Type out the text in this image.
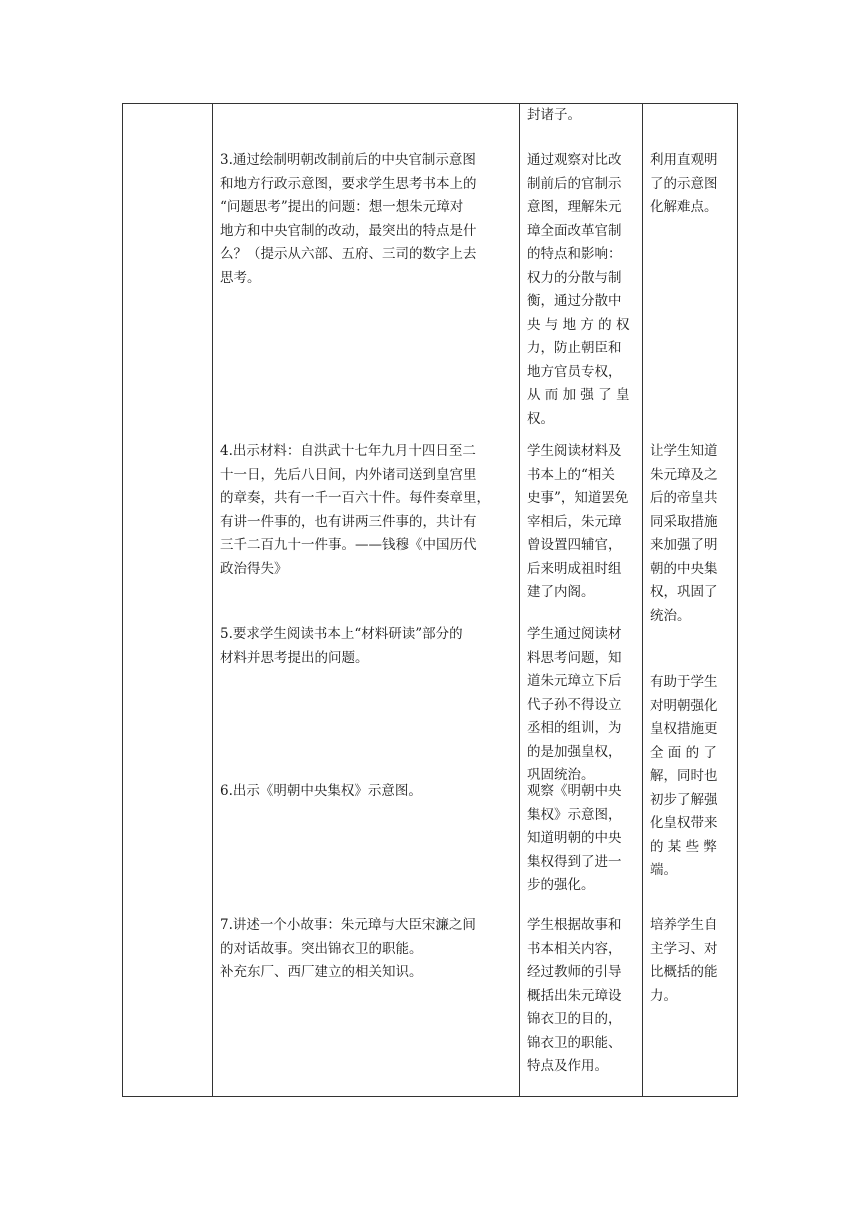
封诸子。
3.通过绘制明朝改制前后的中央官制示意图
和地方行政示意图，要求学生思考书本上的
“问题思考”提出的问题：想一想朱元璋对
地方和中央官制的改动，最突出的特点是什
么？（提示从六部、五府、三司的数字上去
思考。
通过观察对比改
制前后的官制示
意图，理解朱元
璋全面改革官制
的特点和影响：
权力的分散与制
衡，通过分散中
央 与 地 方 的 权
力，防止朝臣和
地方官员专权，
从 而 加 强 了 皇
权。
利用直观明
了的示意图
化解难点。
4.出示材料：自洪武十七年九月十四日至二
十一日，先后八日间，内外诸司送到皇宫里
的章奏，共有一千一百六十件。每件奏章里，
有讲一件事的，也有讲两三件事的，共计有
三千二百九十一件事。——钱穆《中国历代
政治得失》
学生阅读材料及
书本上的“相关
史事”，知道罢免
宰相后，朱元璋
曾设置四辅官，
后来明成祖时组
建了内阁。
让学生知道
朱元璋及之
后的帝皇共
同采取措施
来加强了明
朝的中央集
权，巩固了
统治。
5.要求学生阅读书本上“材料研读”部分的
材料并思考提出的问题。
学生通过阅读材
料思考问题，知
道朱元璋立下后
代子孙不得设立
丞相的组训，为
的是加强皇权，
巩固统治。
有助于学生
对明朝强化
皇权措施更
全 面 的 了
解，同时也
初步了解强
化皇权带来
的 某 些 弊
端。
6.出示《明朝中央集权》示意图。	观察《明朝中央
集权》示意图，
知道明朝的中央
集权得到了进一
步的强化。
7.讲述一个小故事：朱元璋与大臣宋濂之间
的对话故事。突出锦衣卫的职能。
补充东厂、西厂建立的相关知识。
学生根据故事和
书本相关内容，
经过教师的引导
概括出朱元璋设
锦衣卫的目的，
锦衣卫的职能、
特点及作用。
培养学生自
主学习、对
比概括的能
力。
